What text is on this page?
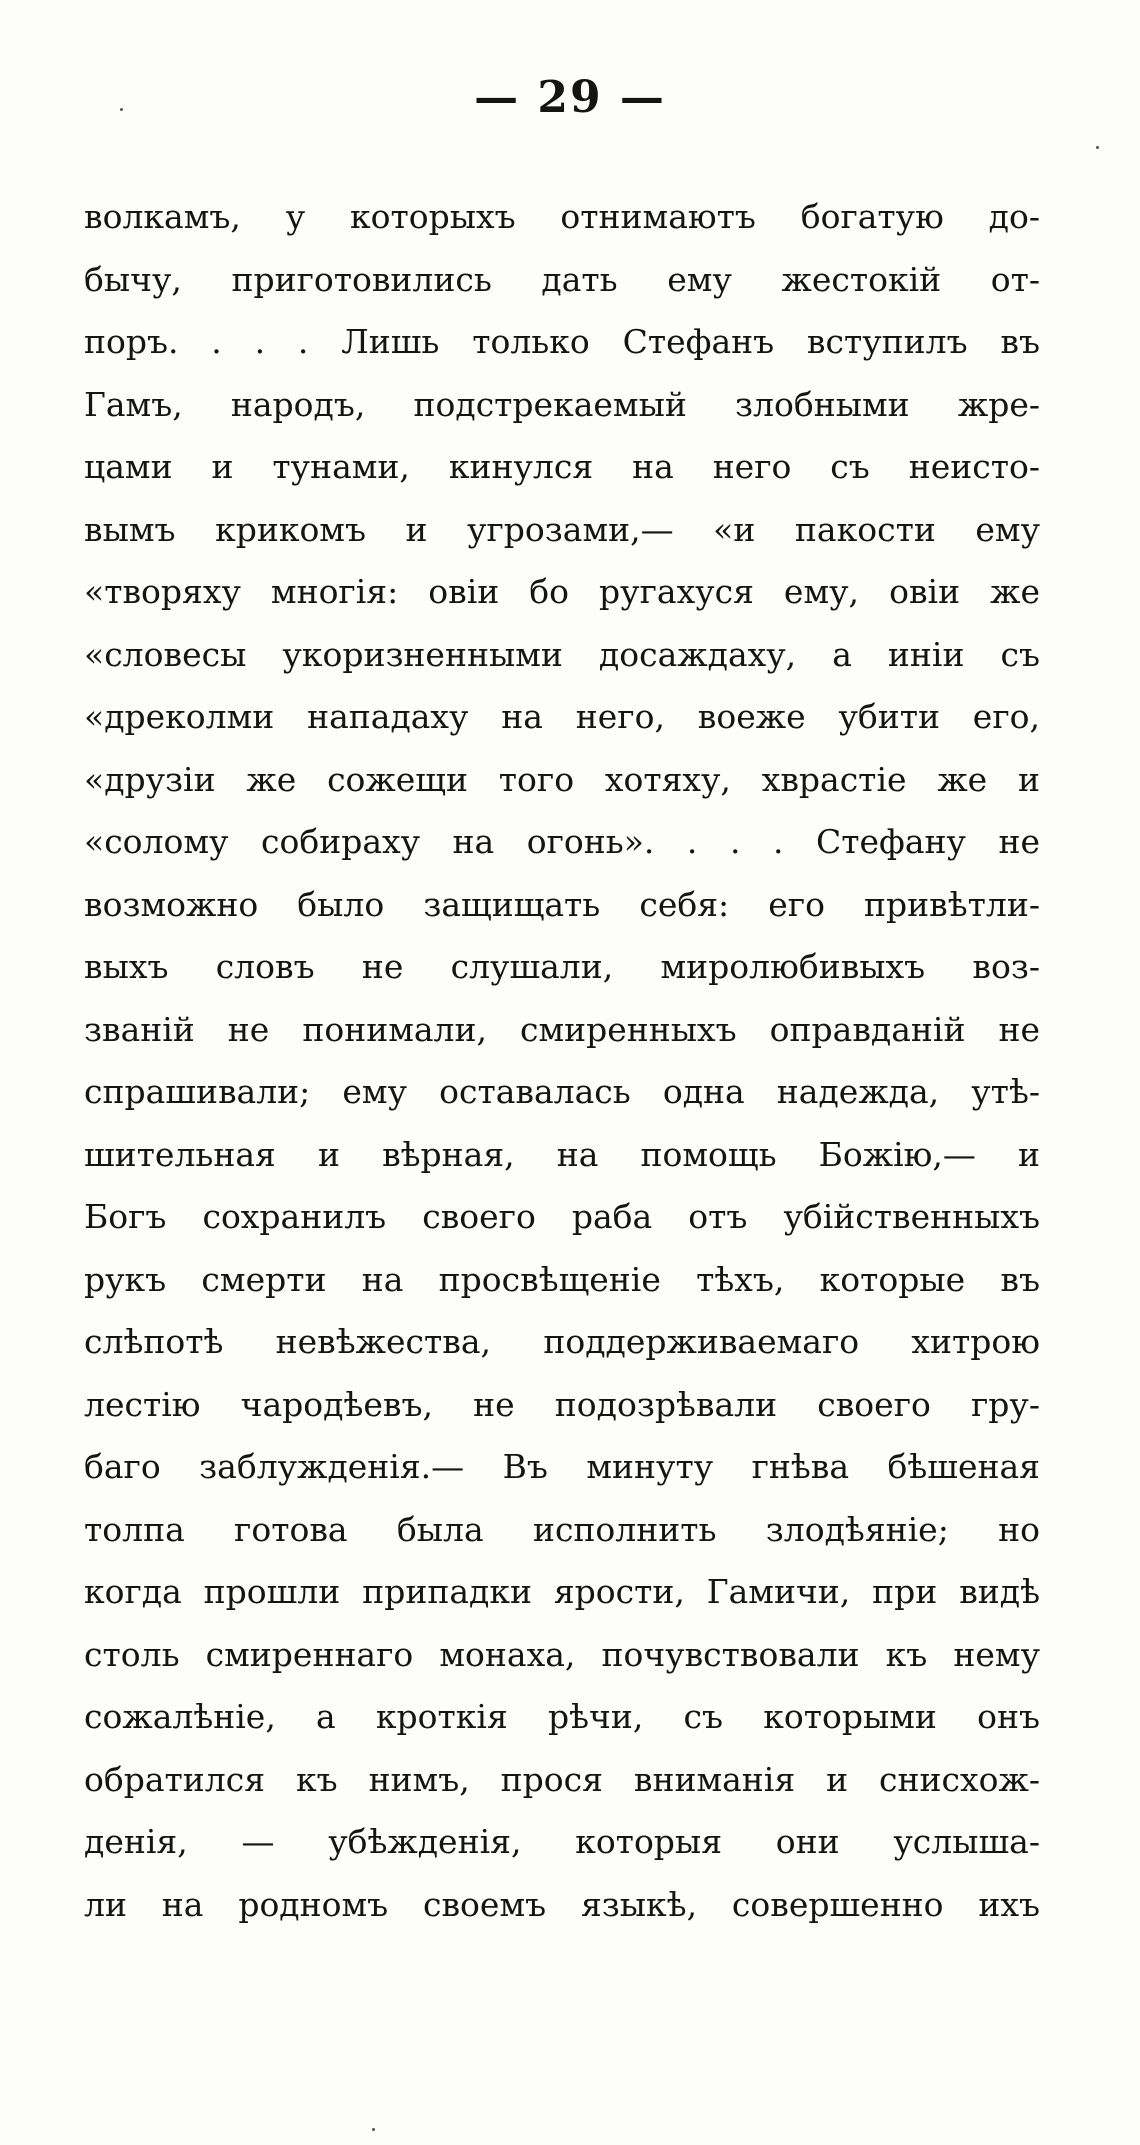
— 29 —
волкамъ, у которыхъ отнимаютъ богатую до-
бычу, приготовились дать ему жестокій от-
поръ. . . . Лишь только Стефанъ вступилъ въ
Гамъ, народъ, подстрекаемый злобными жре-
цами и тунами, кинулся на него съ неисто-
вымъ крикомъ и угрозами,— «и пакости ему
«творяху многія: овіи бо ругахуся ему, овіи же
«словесы укоризненными досаждаху, а иніи съ
«дреколми нападаху на него, воеже убити его,
«друзіи же сожещи того хотяху, хврастіе же и
«солому собираху на огонь». . . . Стефану не
возможно было защищать себя: его привѣтли-
выхъ словъ не слушали, миролюбивыхъ воз-
званій не понимали, смиренныхъ оправданій не
спрашивали; ему оставалась одна надежда, утѣ-
шительная и вѣрная, на помощь Божію,— и
Богъ сохранилъ своего раба отъ убійственныхъ
рукъ смерти на просвѣщеніе тѣхъ, которые въ
слѣпотѣ невѣжества, поддерживаемаго хитрою
лестію чародѣевъ, не подозрѣвали своего гру-
баго заблужденія.— Въ минуту гнѣва бѣшеная
толпа готова была исполнить злодѣяніе; но
когда прошли припадки ярости, Гамичи, при видѣ
столь смиреннаго монаха, почувствовали къ нему
сожалѣніе, а кроткія рѣчи, съ которыми онъ
обратился къ нимъ, прося вниманія и снисхож-
денія, — убѣжденія, которыя они услыша-
ли на родномъ своемъ языкѣ, совершенно ихъ
